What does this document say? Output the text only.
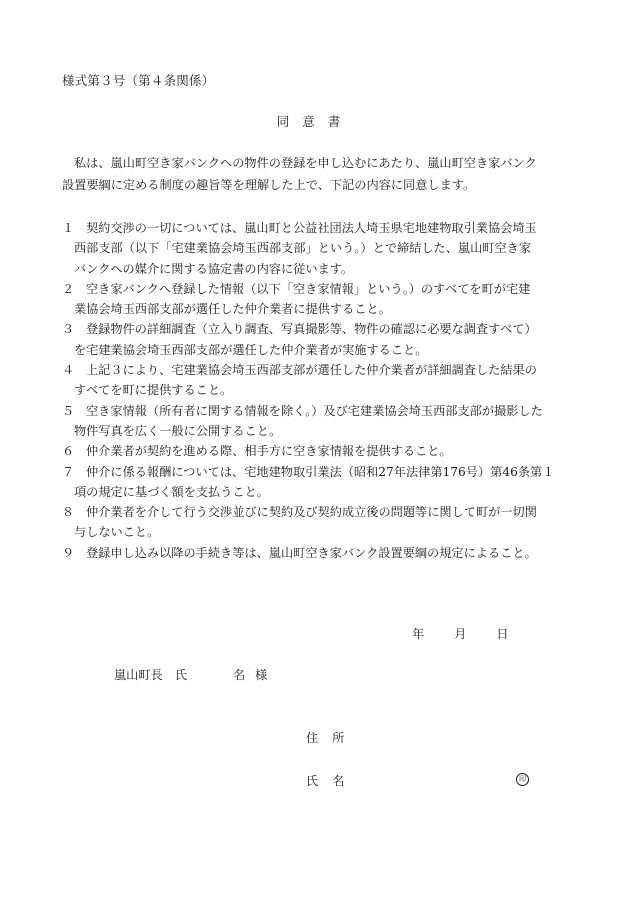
様式第３号（第４条関係）
同意書
私は、嵐山町空き家バンクへの物件の登録を申し込むにあたり、嵐山町空き家バンク
設置要綱に定める制度の趣旨等を理解した上で、下記の内容に同意します。
１ 契約交渉の一切については、嵐山町と公益社団法人埼玉県宅地建物取引業協会埼玉
西部支部（以下「宅建業協会埼玉西部支部」という。）とで締結した、嵐山町空き家
バンクへの媒介に関する協定書の内容に従います。
２ 空き家バンクへ登録した情報（以下「空き家情報」という。）のすべてを町が宅建
業協会埼玉西部支部が選任した仲介業者に提供すること。
３ 登録物件の詳細調査（立入り調査、写真撮影等、物件の確認に必要な調査すべて）
を宅建業協会埼玉西部支部が選任した仲介業者が実施すること。
４ 上記３により、宅建業協会埼玉西部支部が選任した仲介業者が詳細調査した結果の
すべてを町に提供すること。
５ 空き家情報（所有者に関する情報を除く。）及び宅建業協会埼玉西部支部が撮影した
物件写真を広く一般に公開すること。
６ 仲介業者が契約を進める際、相手方に空き家情報を提供すること。
７ 仲介に係る報酬については、宅地建物取引業法（昭和27年法律第176号）第46条第１
項の規定に基づく額を支払うこと。
８ 仲介業者を介して行う交渉並びに契約及び契約成立後の問題等に関して町が一切関
与しないこと。
９ 登録申し込み以降の手続き等は、嵐山町空き家バンク設置要綱の規定によること。
年 月 日
嵐山町長 氏	名 様
住 所
氏 名	印
